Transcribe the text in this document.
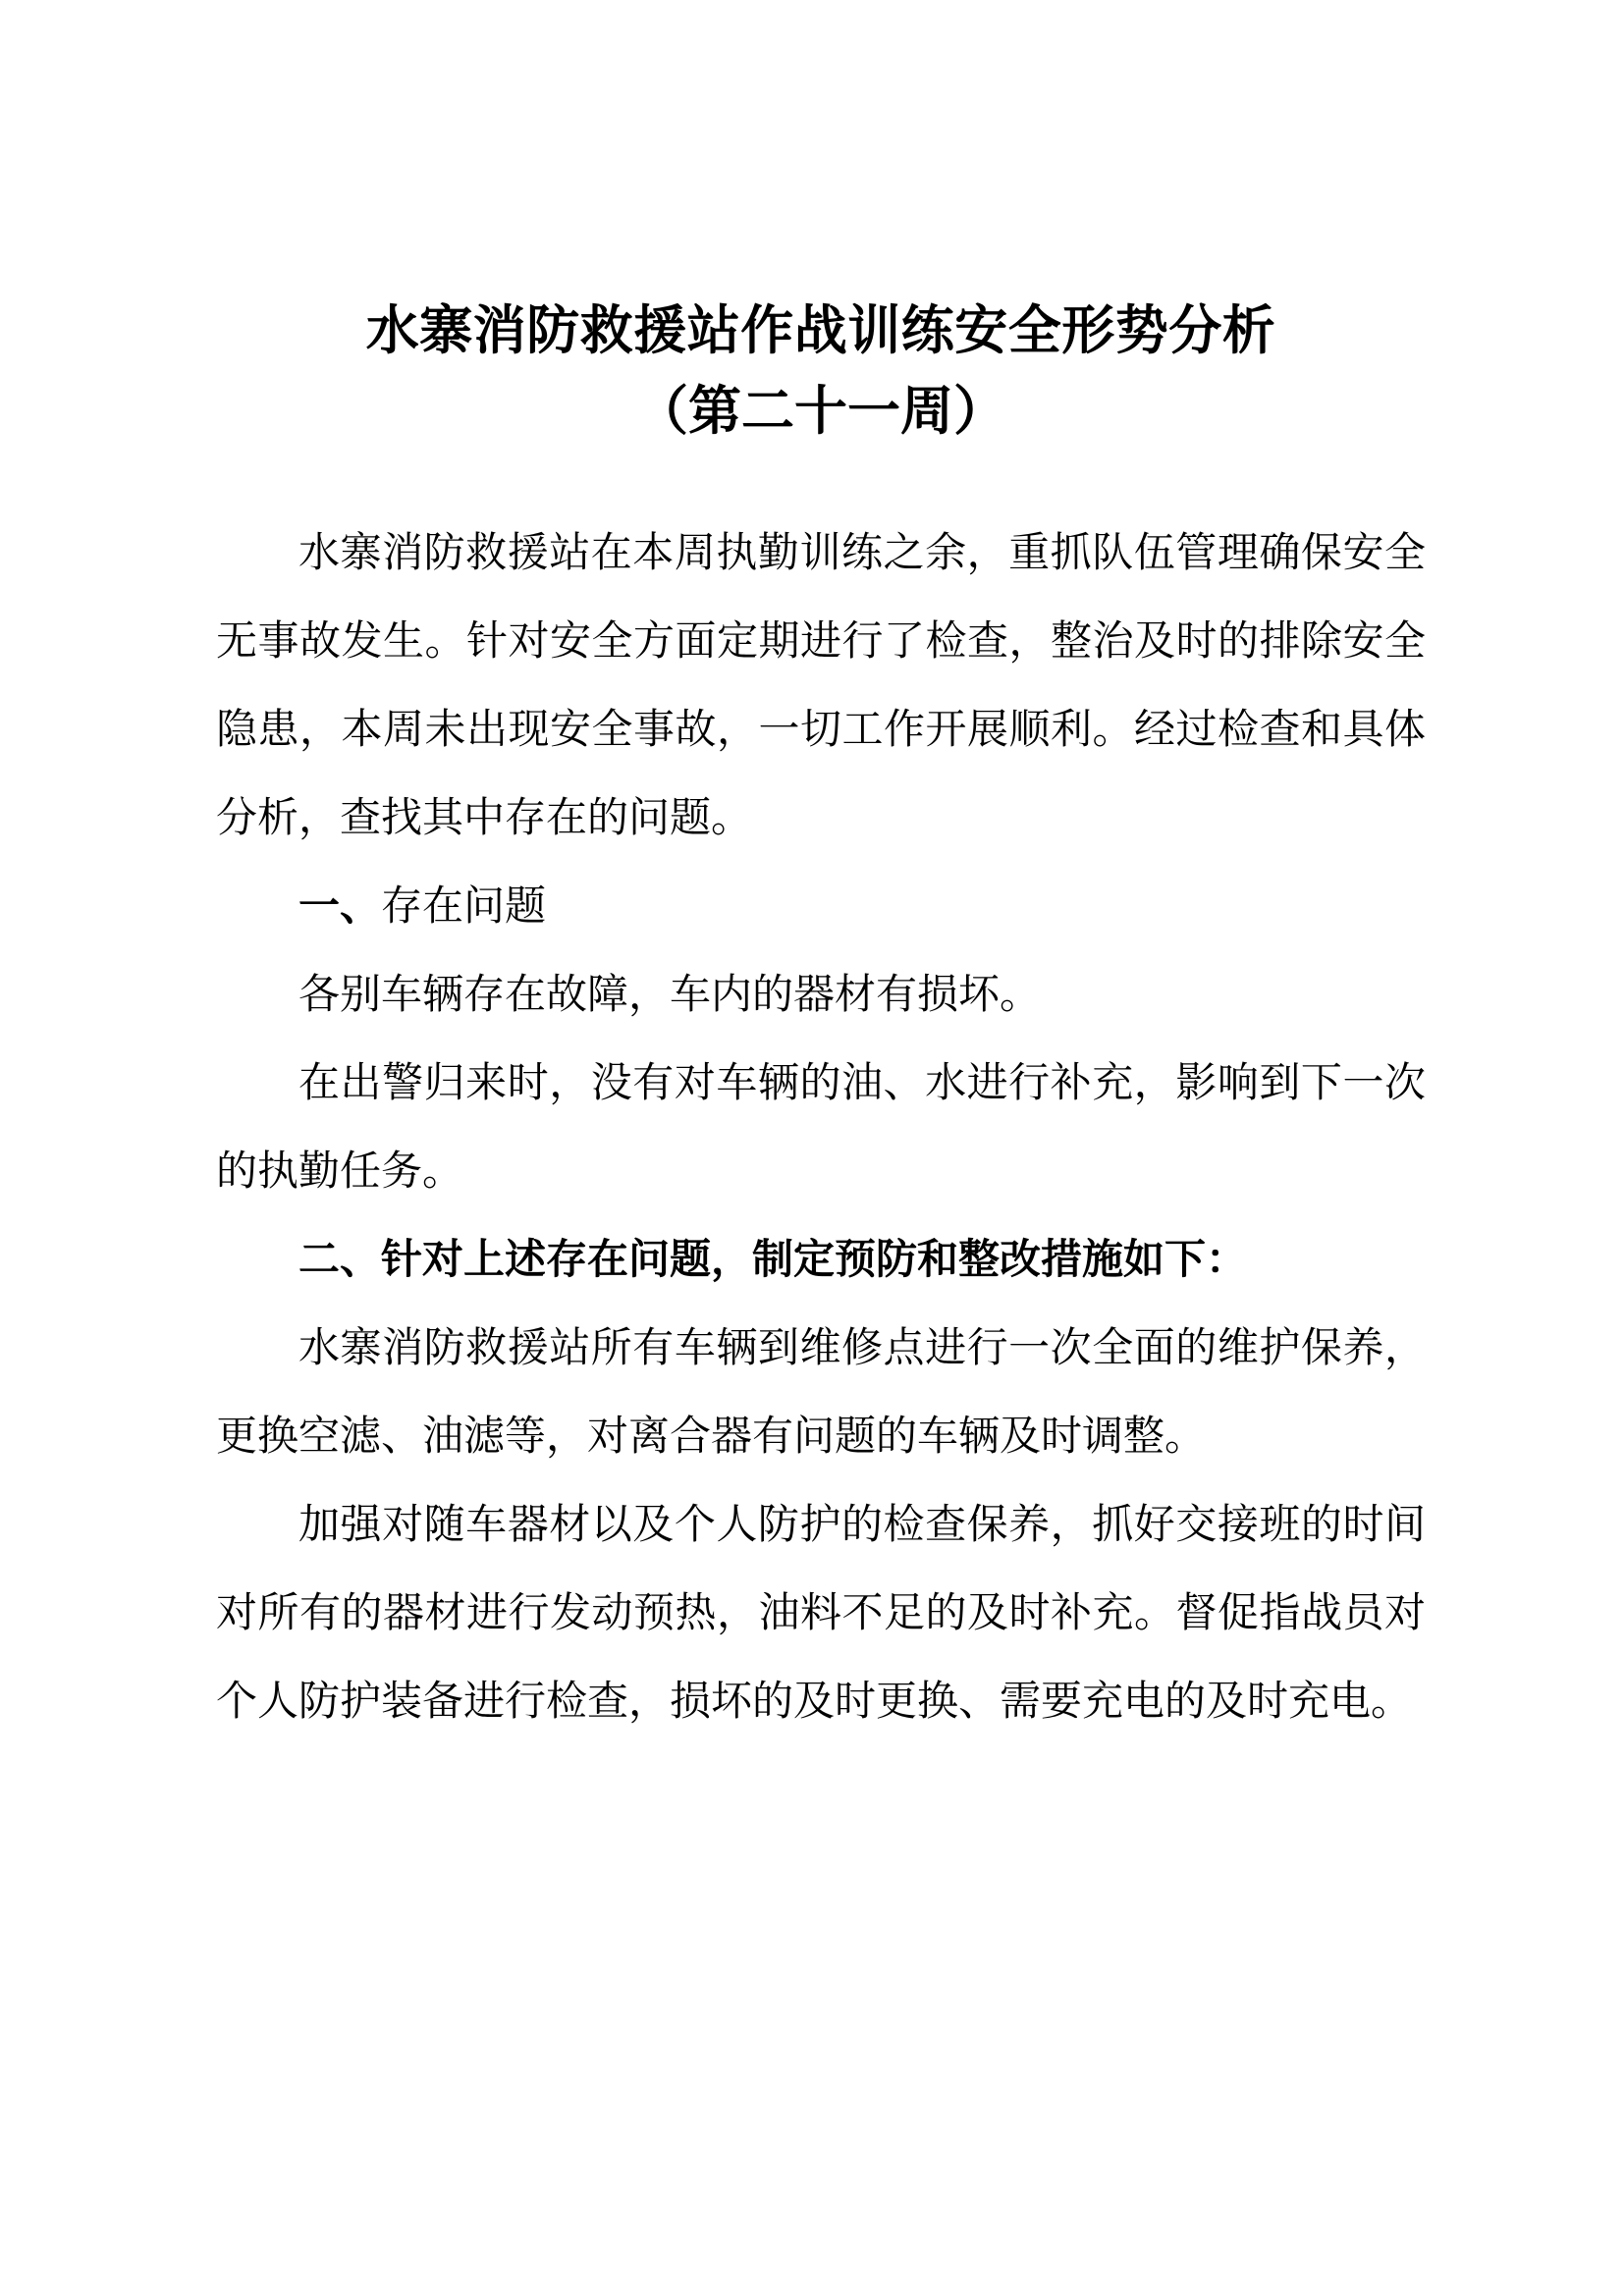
水寨消防救援站作战训练安全形势分析
（第二十一周）

水寨消防救援站在本周执勤训练之余，重抓队伍管理确保安全无事故发生。针对安全方面定期进行了检查，整治及时的排除安全隐患，本周未出现安全事故，一切工作开展顺利。经过检查和具体分析，查找其中存在的问题。

一、存在问题

各别车辆存在故障，车内的器材有损坏。

在出警归来时，没有对车辆的油、水进行补充，影响到下一次的执勤任务。

二、针对上述存在问题，制定预防和整改措施如下：

水寨消防救援站所有车辆到维修点进行一次全面的维护保养，更换空滤、油滤等，对离合器有问题的车辆及时调整。

加强对随车器材以及个人防护的检查保养，抓好交接班的时间对所有的器材进行发动预热，油料不足的及时补充。督促指战员对个人防护装备进行检查，损坏的及时更换、需要充电的及时充电。
